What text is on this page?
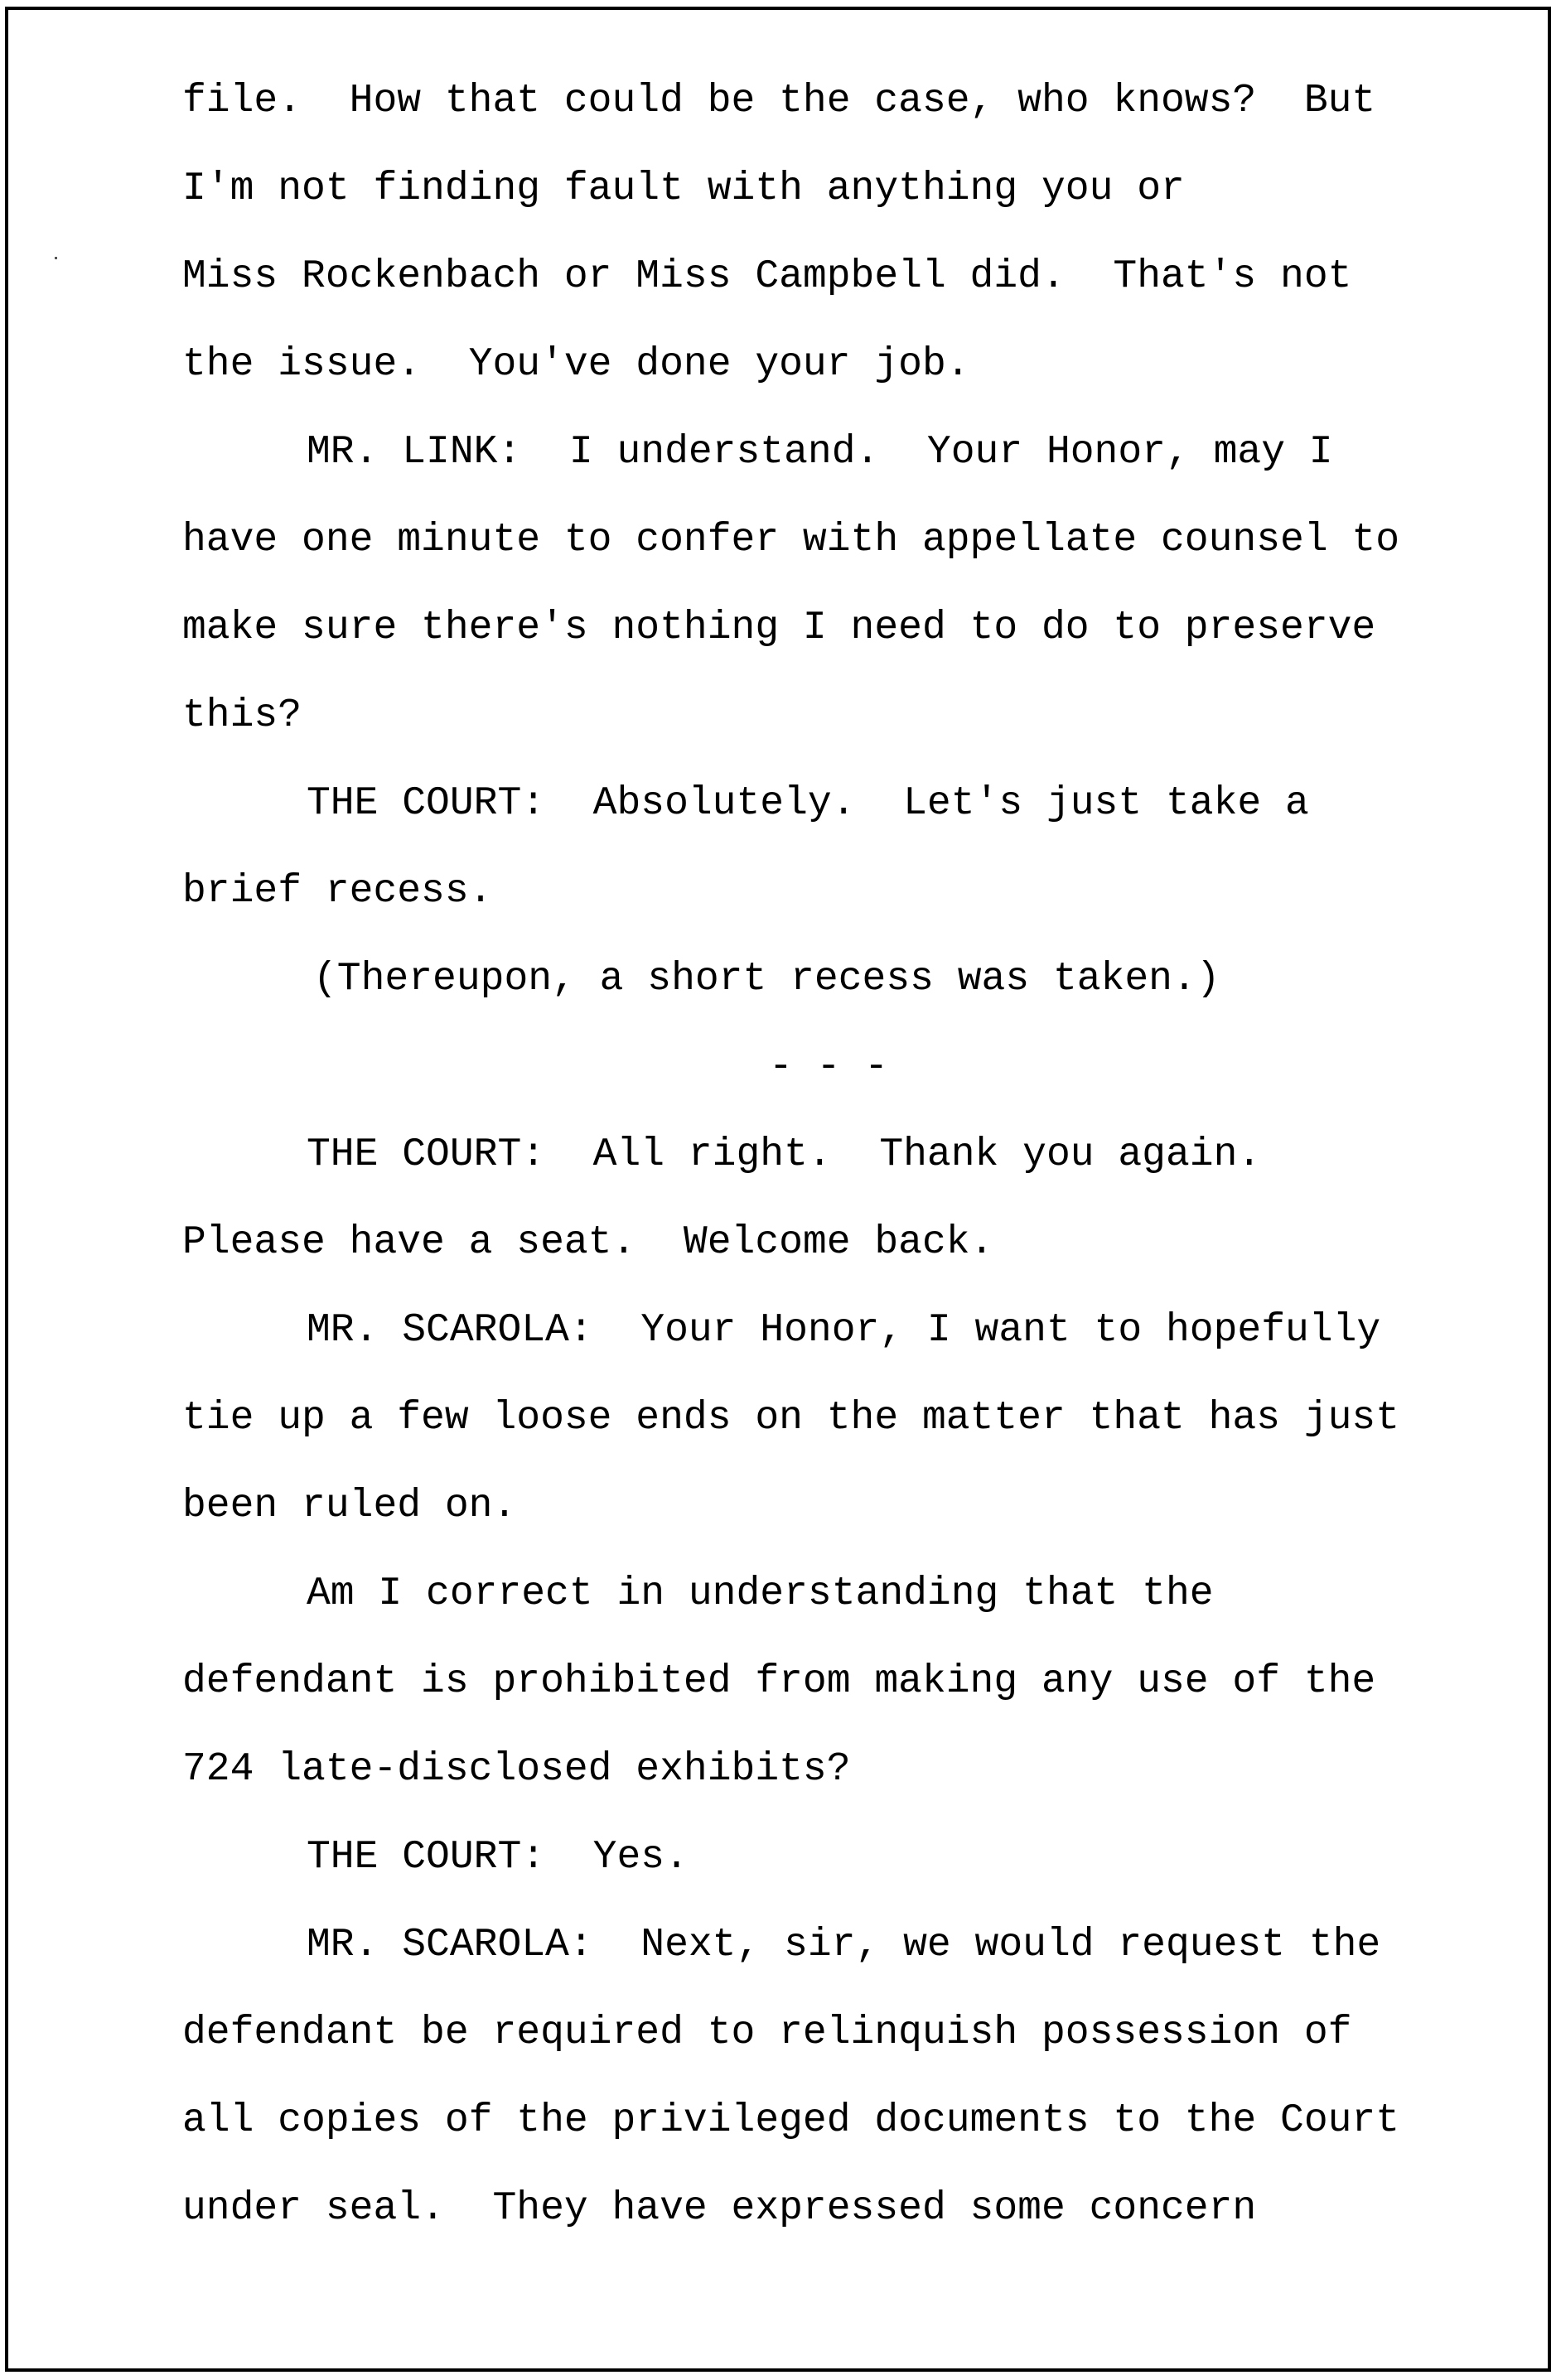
file.  How that could be the case, who knows?  But
I'm not finding fault with anything you or
Miss Rockenbach or Miss Campbell did.  That's not
the issue.  You've done your job.
MR. LINK:  I understand.  Your Honor, may I
have one minute to confer with appellate counsel to
make sure there's nothing I need to do to preserve
this?
THE COURT:  Absolutely.  Let's just take a
brief recess.
(Thereupon, a short recess was taken.)
- - -
THE COURT:  All right.  Thank you again.
Please have a seat.  Welcome back.
MR. SCAROLA:  Your Honor, I want to hopefully
tie up a few loose ends on the matter that has just
been ruled on.
Am I correct in understanding that the
defendant is prohibited from making any use of the
724 late-disclosed exhibits?
THE COURT:  Yes.
MR. SCAROLA:  Next, sir, we would request the
defendant be required to relinquish possession of
all copies of the privileged documents to the Court
under seal.  They have expressed some concern
